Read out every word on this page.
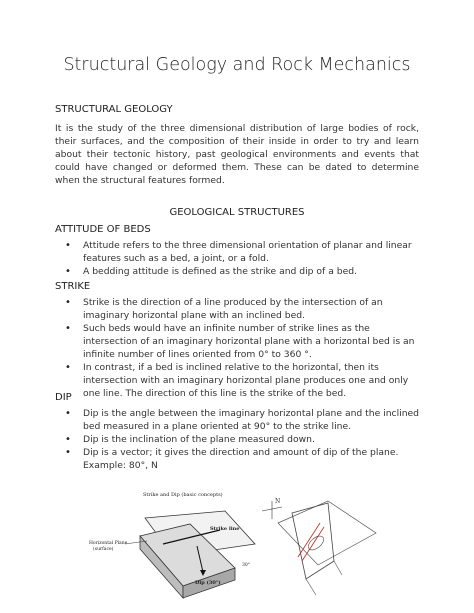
Structural Geology and Rock Mechanics
STRUCTURAL GEOLOGY
It is the study of the three dimensional distribution of large bodies of rock, their surfaces, and the composition of their inside in order to try and learn about their tectonic history, past geological environments and events that could have changed or deformed them. These can be dated to determine when the structural features formed.
GEOLOGICAL STRUCTURES
ATTITUDE OF BEDS
• Attitude refers to the three dimensional orientation of planar and linear features such as a bed, a joint, or a fold.
• A bedding attitude is defined as the strike and dip of a bed.
STRIKE
• Strike is the direction of a line produced by the intersection of an imaginary horizontal plane with an inclined bed.
• Such beds would have an infinite number of strike lines as the intersection of an imaginary horizontal plane with a horizontal bed is an infinite number of lines oriented from 0° to 360 °.
• In contrast, if a bed is inclined relative to the horizontal, then its intersection with an imaginary horizontal plane produces one and only one line. The direction of this line is the strike of the bed.
DIP
• Dip is the angle between the imaginary horizontal plane and the inclined bed measured in a plane oriented at 90° to the strike line.
• Dip is the inclination of the plane measured down.
• Dip is a vector; it gives the direction and amount of dip of the plane. Example: 80°, N
Strike and Dip (basic concepts)
Strike line
Horizontal Plane
(surface)
Dip (30°)
30°
N
